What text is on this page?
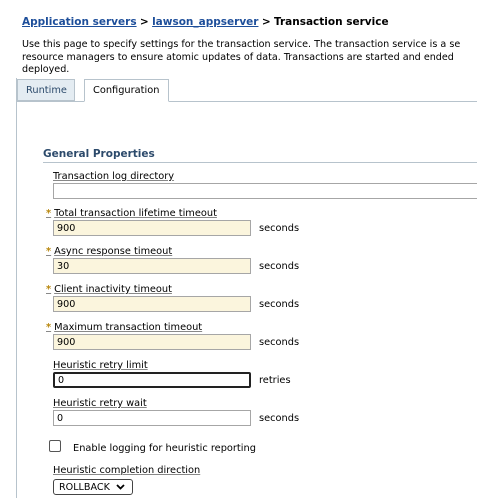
Application servers > lawson_appserver > Transaction service
Use this page to specify settings for the transaction service. The transaction service is a se
resource managers to ensure atomic updates of data. Transactions are started and ended
deployed.
Runtime	Configuration
General Properties
Transaction log directory
* Total transaction lifetime timeout
900
seconds
* Async response timeout
30
seconds
* Client inactivity timeout
900
seconds
* Maximum transaction timeout
900
seconds
Heuristic retry limit
0
retries
Heuristic retry wait
0
seconds
Enable logging for heuristic reporting
Heuristic completion direction
ROLLBACK
